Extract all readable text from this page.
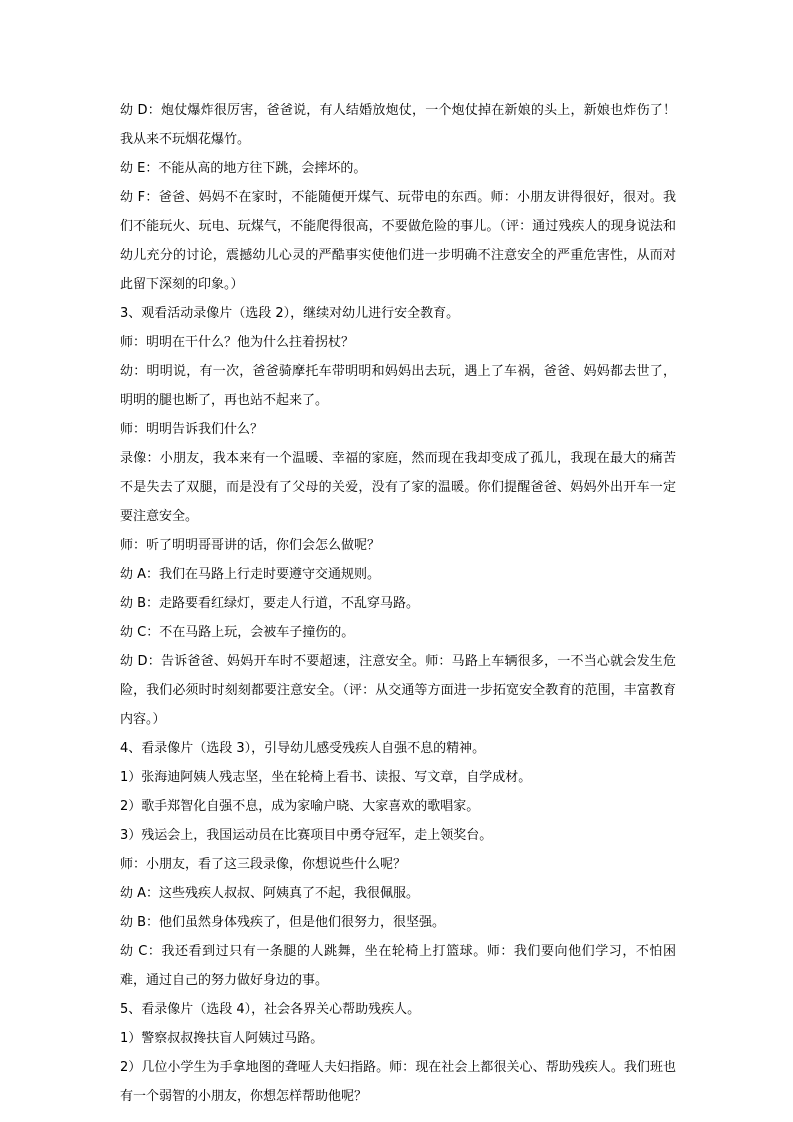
幼 D：炮仗爆炸很厉害，爸爸说，有人结婚放炮仗，一个炮仗掉在新娘的头上，新娘也炸伤了！我从来不玩烟花爆竹。

幼 E：不能从高的地方往下跳，会摔坏的。

幼 F：爸爸、妈妈不在家时，不能随便开煤气、玩带电的东西。师：小朋友讲得很好，很对。我们不能玩火、玩电、玩煤气，不能爬得很高，不要做危险的事儿。（评：通过残疾人的现身说法和幼儿充分的讨论，震撼幼儿心灵的严酷事实使他们进一步明确不注意安全的严重危害性，从而对此留下深刻的印象。）

3、观看活动录像片（选段 2），继续对幼儿进行安全教育。

师：明明在干什么？他为什么拄着拐杖？

幼：明明说，有一次，爸爸骑摩托车带明明和妈妈出去玩，遇上了车祸，爸爸、妈妈都去世了，明明的腿也断了，再也站不起来了。

师：明明告诉我们什么？

录像：小朋友，我本来有一个温暖、幸福的家庭，然而现在我却变成了孤儿，我现在最大的痛苦不是失去了双腿，而是没有了父母的关爱，没有了家的温暖。你们提醒爸爸、妈妈外出开车一定要注意安全。

师：听了明明哥哥讲的话，你们会怎么做呢？

幼 A：我们在马路上行走时要遵守交通规则。

幼 B：走路要看红绿灯，要走人行道，不乱穿马路。

幼 C：不在马路上玩，会被车子撞伤的。

幼 D：告诉爸爸、妈妈开车时不要超速，注意安全。师：马路上车辆很多，一不当心就会发生危险，我们必须时时刻刻都要注意安全。（评：从交通等方面进一步拓宽安全教育的范围，丰富教育内容。）

4、看录像片（选段 3），引导幼儿感受残疾人自强不息的精神。

1）张海迪阿姨人残志坚，坐在轮椅上看书、读报、写文章，自学成材。

2）歌手郑智化自强不息，成为家喻户晓、大家喜欢的歌唱家。

3）残运会上，我国运动员在比赛项目中勇夺冠军，走上领奖台。

师：小朋友，看了这三段录像，你想说些什么呢？

幼 A：这些残疾人叔叔、阿姨真了不起，我很佩服。

幼 B：他们虽然身体残疾了，但是他们很努力，很坚强。

幼 C：我还看到过只有一条腿的人跳舞，坐在轮椅上打篮球。师：我们要向他们学习，不怕困难，通过自己的努力做好身边的事。

5、看录像片（选段 4），社会各界关心帮助残疾人。

1）警察叔叔搀扶盲人阿姨过马路。

2）几位小学生为手拿地图的聋哑人夫妇指路。师：现在社会上都很关心、帮助残疾人。我们班也有一个弱智的小朋友，你想怎样帮助他呢？
